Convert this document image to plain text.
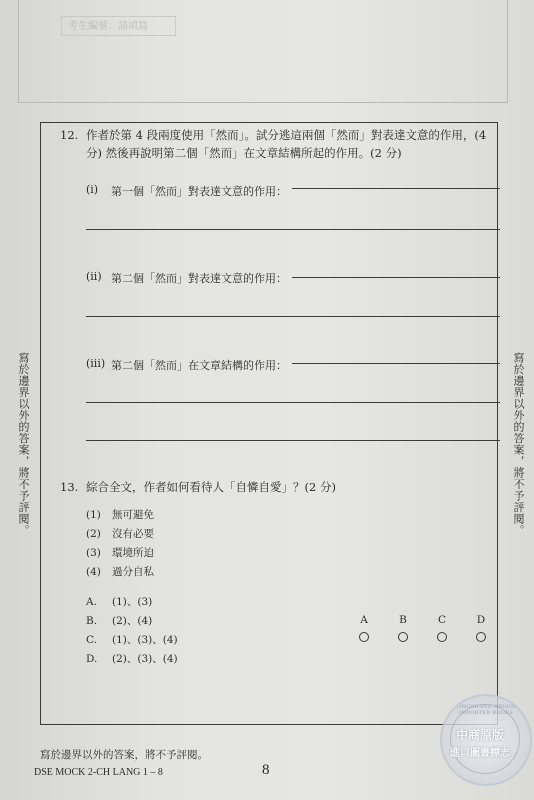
考生編號：請填寫
寫於邊界以外的答案，將不予評閱。	寫於邊界以外的答案，將不予評閱。
12. 作者於第 4 段兩度使用「然而」。試分逃這兩個「然而」對表達文意的作用，(4
分) 然後再說明第二個「然而」在文章結構所起的作用。(2 分)
(i) 第一個「然而」對表達文意的作用：
(ii) 第二個「然而」對表達文意的作用：
(iii) 第二個「然而」在文章結構的作用：
13. 綜合全文，作者如何看待人「自憐自愛」？(2 分)
(1) 無可避免
(2) 沒有必要
(3) 環境所迫
(4) 過分自私
A. (1)、(3)
B. (2)、(4)
C. (1)、(3)、(4)
D. (2)、(3)、(4)
A	B	C	D
寫於邊界以外的答案，將不予評閱。
DSE MOCK 2-CH LANG 1 – 8	8
ZHONGSHANG ORIGINAL IMPORTED BOOKS
中商原版
進口圖書標志
